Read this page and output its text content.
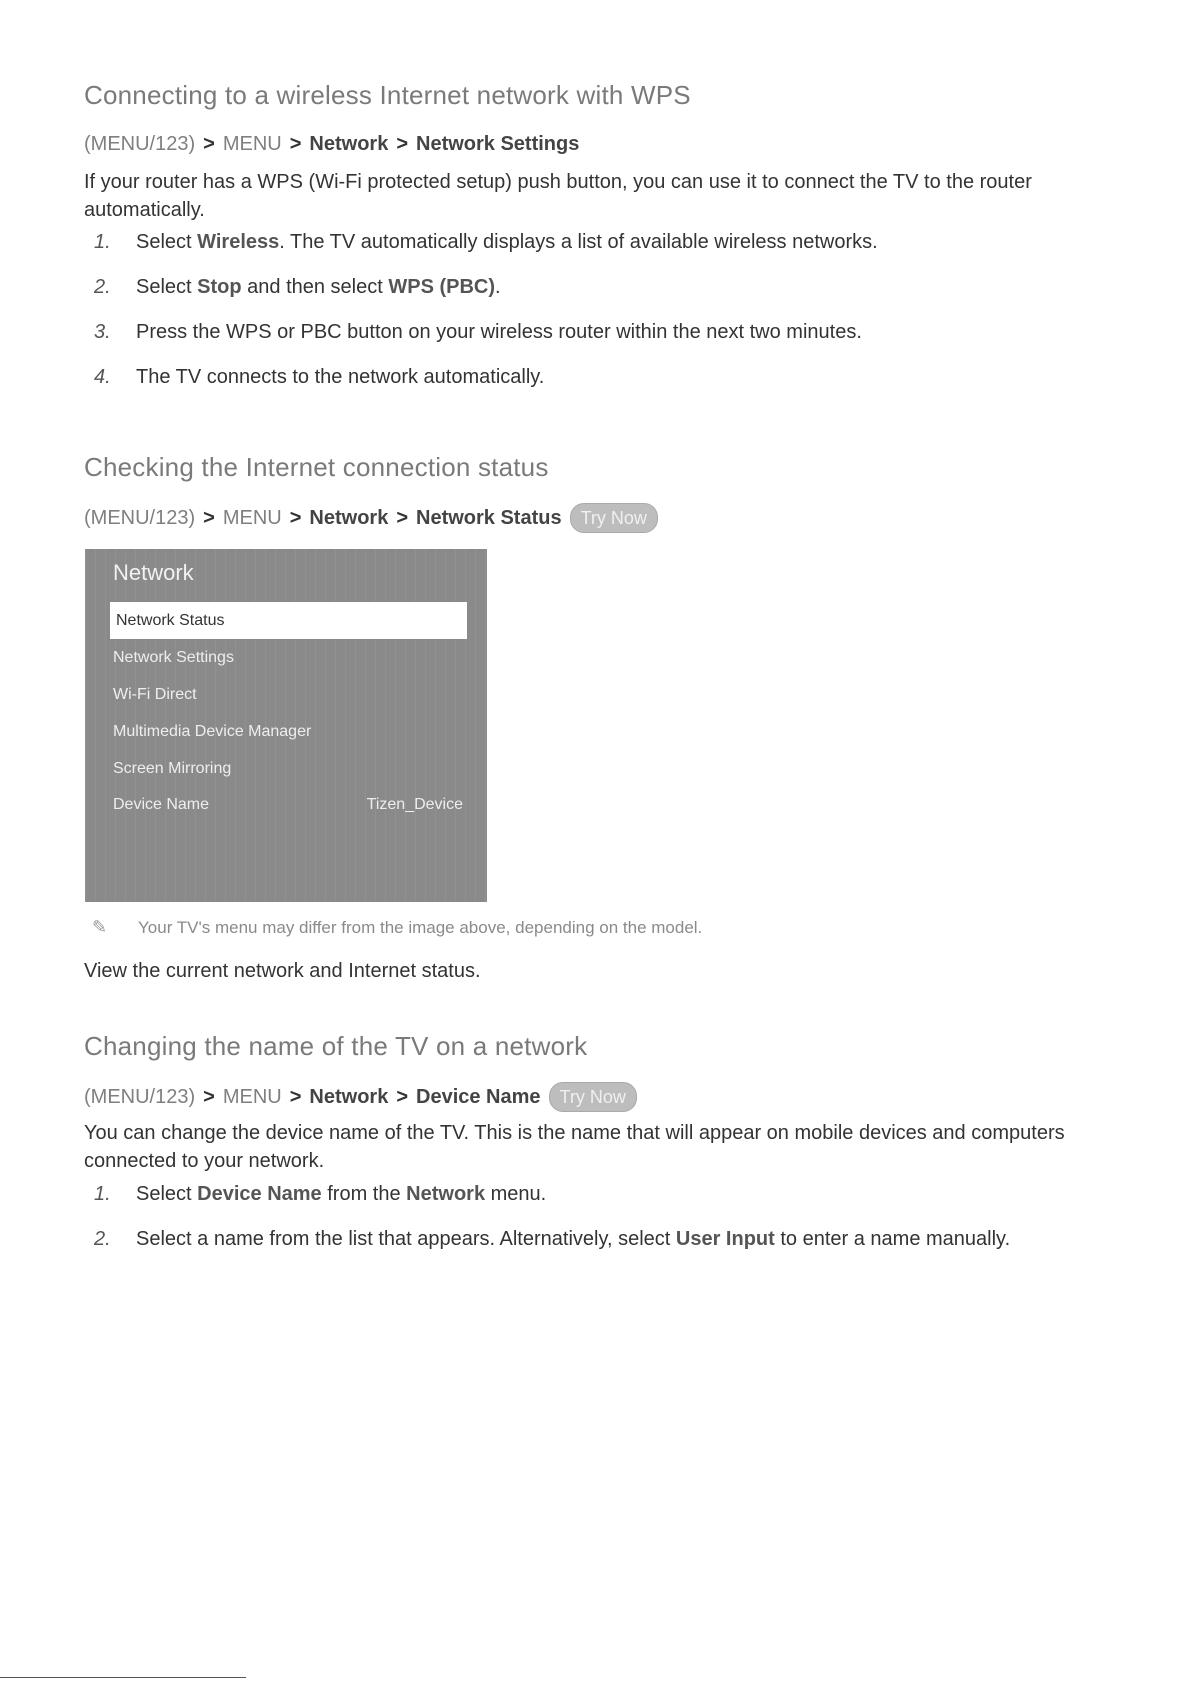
Connecting to a wireless Internet network with WPS
(MENU/123) > MENU > Network > Network Settings

If your router has a WPS (Wi-Fi protected setup) push button, you can use it to connect the TV to the router automatically.

1.	Select Wireless. The TV automatically displays a list of available wireless networks.
2.	Select Stop and then select WPS (PBC).
3.	Press the WPS or PBC button on your wireless router within the next two minutes.
4.	The TV connects to the network automatically.
Checking the Internet connection status
(MENU/123) > MENU > Network > Network Status	Try Now
Network
Network Status
Network Settings
Wi-Fi Direct
Multimedia Device Manager
Screen Mirroring
Device Name	Tizen_Device
✎	Your TV's menu may differ from the image above, depending on the model.

View the current network and Internet status.

Changing the name of the TV on a network
(MENU/123) > MENU > Network > Device Name	Try Now

You can change the device name of the TV. This is the name that will appear on mobile devices and computers connected to your network.

1.	Select Device Name from the Network menu.
2.	Select a name from the list that appears. Alternatively, select User Input to enter a name manually.
